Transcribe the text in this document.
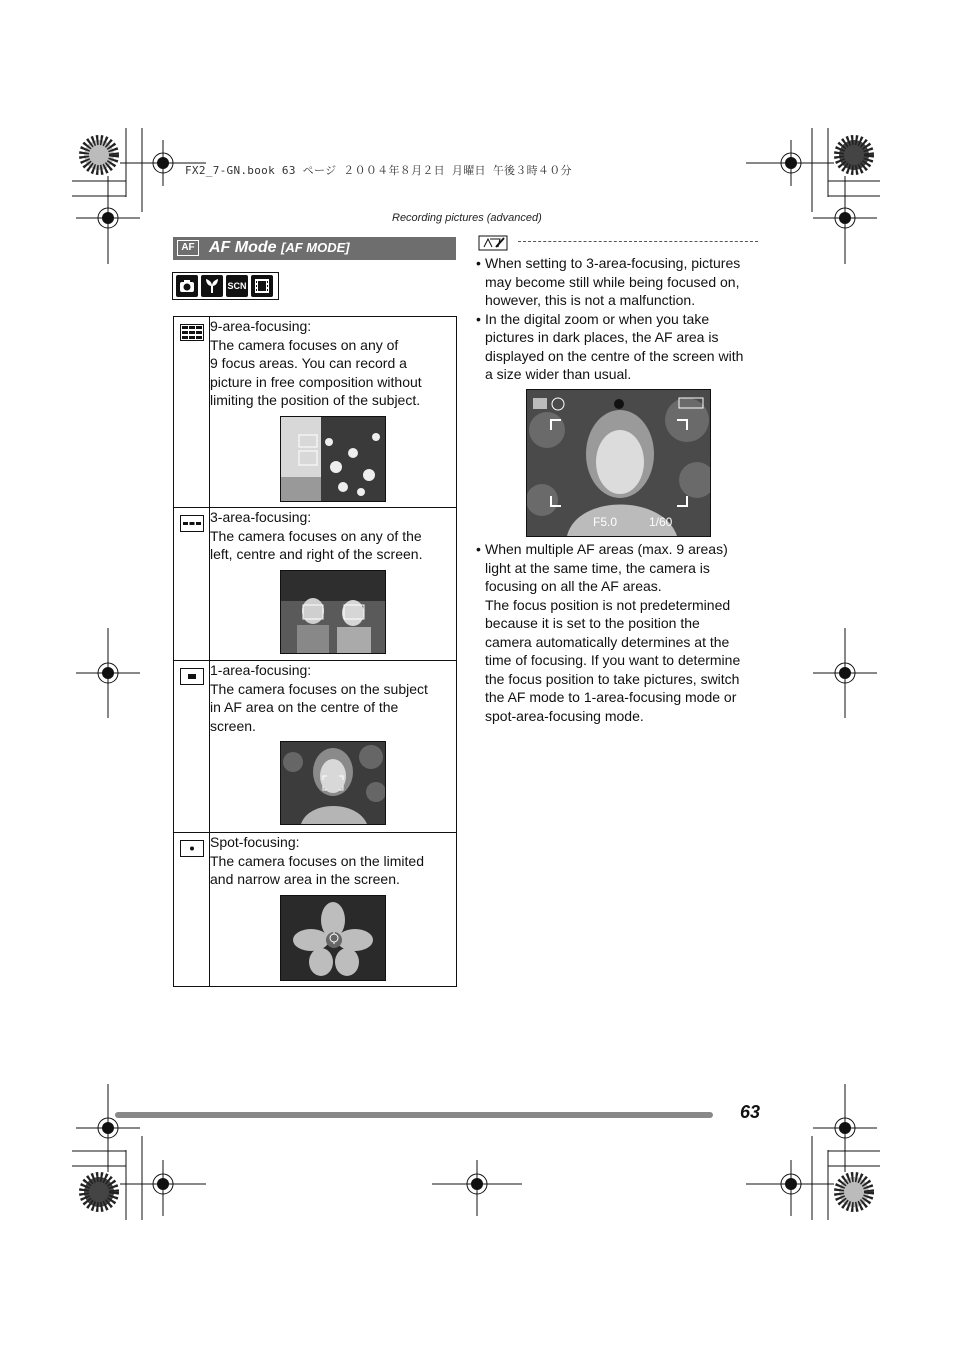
FX2_7-GN.book 63 ページ ２００４年８月２日 月曜日 午後３時４０分
Recording pictures (advanced)
AF AF Mode [AF MODE]
SCN

9-area-focusing:
The camera focuses on any of
9 focus areas. You can record a
picture in free composition without
limiting the position of the subject.

3-area-focusing:
The camera focuses on any of the
left, centre and right of the screen.

1-area-focusing:
The camera focuses on the subject
in AF area on the centre of the
screen.

Spot-focusing:
The camera focuses on the limited
and narrow area in the screen.
• When setting to 3-area-focusing, pictures

may become still while being focused on,

however, this is not a malfunction.

• In the digital zoom or when you take

pictures in dark places, the AF area is

displayed on the centre of the screen with

a size wider than usual.

F5.0	1/60
• When multiple AF areas (max. 9 areas)

light at the same time, the camera is

focusing on all the AF areas.

The focus position is not predetermined

because it is set to the position the

camera automatically determines at the

time of focusing. If you want to determine

the focus position to take pictures, switch

the AF mode to 1-area-focusing mode or

spot-area-focusing mode.

63
